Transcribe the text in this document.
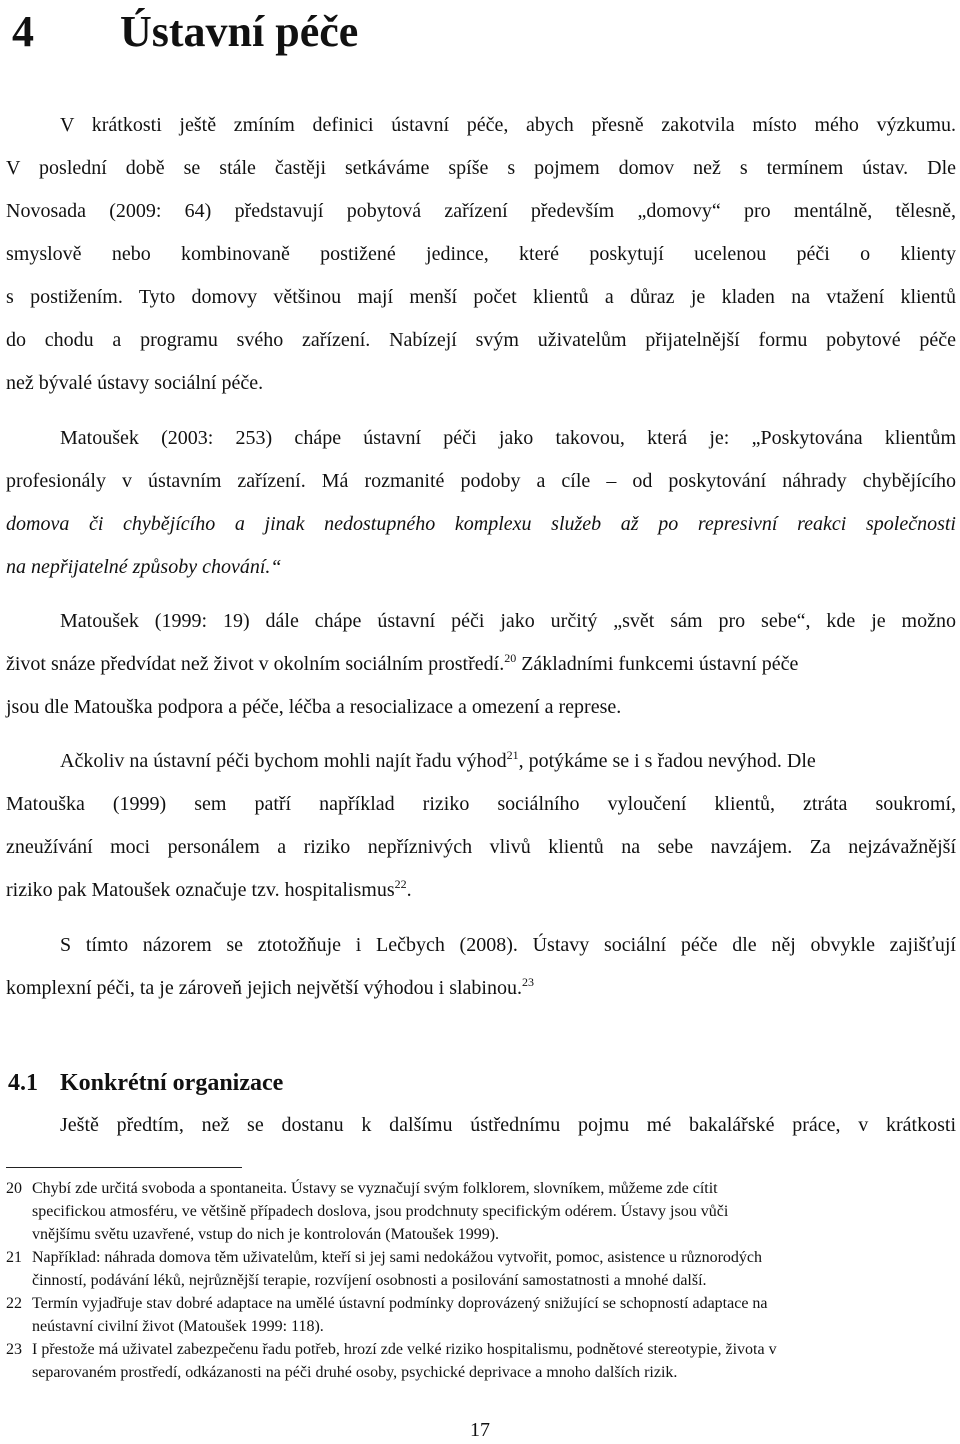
4 Ústavní péče
V krátkosti ještě zmíním definici ústavní péče, abych přesně zakotvila místo mého výzkumu.
V poslední době se stále častěji setkáváme spíše s pojmem domov než s termínem ústav. Dle
Novosada (2009: 64) představují pobytová zařízení především „domovy“ pro mentálně, tělesně,
smyslově nebo kombinovaně postižené jedince, které poskytují ucelenou péči o klienty
s postižením. Tyto domovy většinou mají menší počet klientů a důraz je kladen na vtažení klientů
do chodu a programu svého zařízení. Nabízejí svým uživatelům přijatelnější formu pobytové péče
než bývalé ústavy sociální péče.
Matoušek (2003: 253) chápe ústavní péči jako takovou, která je: „Poskytována klientům
profesionály v ústavním zařízení. Má rozmanité podoby a cíle – od poskytování náhrady chybějícího
domova či chybějícího a jinak nedostupného komplexu služeb až po represivní reakci společnosti
na nepřijatelné způsoby chování.“
Matoušek (1999: 19) dále chápe ústavní péči jako určitý „svět sám pro sebe“, kde je možno
život snáze předvídat než život v okolním sociálním prostředí.$^{20}$ Základními funkcemi ústavní péče
jsou dle Matouška podpora a péče, léčba a resocializace a omezení a represe.
Ačkoliv na ústavní péči bychom mohli najít řadu výhod$^{21}$, potýkáme se i s řadou nevýhod. Dle
Matouška (1999) sem patří například riziko sociálního vyloučení klientů, ztráta soukromí,
zneužívání moci personálem a riziko nepříznivých vlivů klientů na sebe navzájem. Za nejzávažnější
riziko pak Matoušek označuje tzv. hospitalismus$^{22}$.
S tímto názorem se ztotožňuje i Lečbych (2008). Ústavy sociální péče dle něj obvykle zajišťují
komplexní péči, ta je zároveň jejich největší výhodou i slabinou.$^{23}$
4.1 Konkrétní organizace
Ještě předtím, než se dostanu k dalšímu ústřednímu pojmu mé bakalářské práce, v krátkosti
20 Chybí zde určitá svoboda a spontaneita. Ústavy se vyznačují svým folklorem, slovníkem, můžeme zde cítit
specifickou atmosféru, ve většině případech doslova, jsou prodchnuty specifickým odérem. Ústavy jsou vůči
vnějšímu světu uzavřené, vstup do nich je kontrolován (Matoušek 1999).
21 Například: náhrada domova těm uživatelům, kteří si jej sami nedokážou vytvořit, pomoc, asistence u různorodých
činností, podávání léků, nejrůznější terapie, rozvíjení osobnosti a posilování samostatnosti a mnohé další.
22 Termín vyjadřuje stav dobré adaptace na umělé ústavní podmínky doprovázený snižující se schopností adaptace na
neústavní civilní život (Matoušek 1999: 118).
23 I přestože má uživatel zabezpečenu řadu potřeb, hrozí zde velké riziko hospitalismu, podnětové stereotypie, života v
separovaném prostředí, odkázanosti na péči druhé osoby, psychické deprivace a mnoho dalších rizik.
17
